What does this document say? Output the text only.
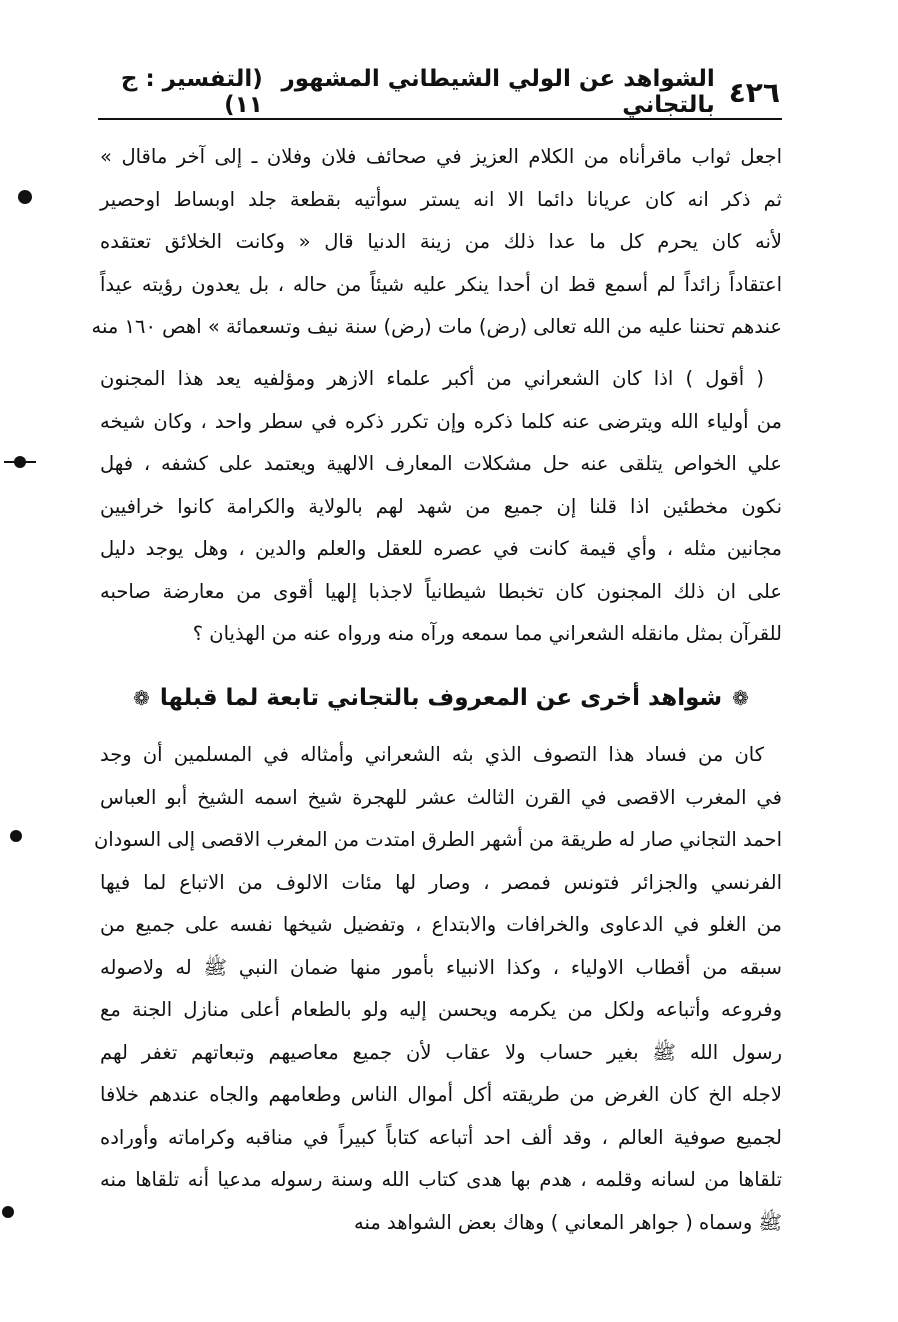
٤٢٦
الشواهد عن الولي الشيطاني المشهور بالتجاني
(التفسير : ج ١١)
اجعل ثواب ماقرأناه من الكلام العزيز في صحائف فلان وفلان ـ إلى آخر ماقال »
ثم ذكر انه كان عريانا دائما الا انه يستر سوأتيه بقطعة جلد اوبساط اوحصير
لأنه كان يحرم كل ما عدا ذلك من زينة الدنيا قال « وكانت الخلائق تعتقده
اعتقاداً زائداً لم أسمع قط ان أحدا ينكر عليه شيئاً من حاله ، بل يعدون رؤيته عيداً
عندهم تحننا عليه من الله تعالى (رض) مات (رض) سنة نيف وتسعمائة » اهص ١٦٠ منه
( أقول ) اذا كان الشعراني من أكبر علماء الازهر ومؤلفيه يعد هذا المجنون
من أولياء الله ويترضى عنه كلما ذكره وإن تكرر ذكره في سطر واحد ، وكان شيخه
علي الخواص يتلقى عنه حل مشكلات المعارف الالهية ويعتمد على كشفه ، فهل
نكون مخطئين اذا قلنا إن جميع من شهد لهم بالولاية والكرامة كانوا خرافيين
مجانين مثله ، وأي قيمة كانت في عصره للعقل والعلم والدين ، وهل يوجد دليل
على ان ذلك المجنون كان تخبطا شيطانياً لاجذبا إلهيا أقوى من معارضة صاحبه
للقرآن بمثل مانقله الشعراني مما سمعه ورآه منه ورواه عنه من الهذيان ؟
❁
شواهد أخرى عن المعروف بالتجاني تابعة لما قبلها
❁
كان من فساد هذا التصوف الذي بثه الشعراني وأمثاله في المسلمين أن وجد
في المغرب الاقصى في القرن الثالث عشر للهجرة شيخ اسمه الشيخ أبو العباس
احمد التجاني صار له طريقة من أشهر الطرق امتدت من المغرب الاقصى إلى السودان
الفرنسي والجزائر فتونس فمصر ، وصار لها مئات الالوف من الاتباع لما فيها
من الغلو في الدعاوى والخرافات والابتداع ، وتفضيل شيخها نفسه على جميع من
سبقه من أقطاب الاولياء ، وكذا الانبياء بأمور منها ضمان النبي ﷺ له ولاصوله
وفروعه وأتباعه ولكل من يكرمه ويحسن إليه ولو بالطعام أعلى منازل الجنة مع
رسول الله ﷺ بغير حساب ولا عقاب لأن جميع معاصيهم وتبعاتهم تغفر لهم
لاجله الخ كان الغرض من طريقته أكل أموال الناس وطعامهم والجاه عندهم خلافا
لجميع صوفية العالم ، وقد ألف احد أتباعه كتاباً كبيراً في مناقبه وكراماته وأوراده
تلقاها من لسانه وقلمه ، هدم بها هدى كتاب الله وسنة رسوله مدعيا أنه تلقاها منه
ﷺ وسماه ( جواهر المعاني ) وهاك بعض الشواهد منه
